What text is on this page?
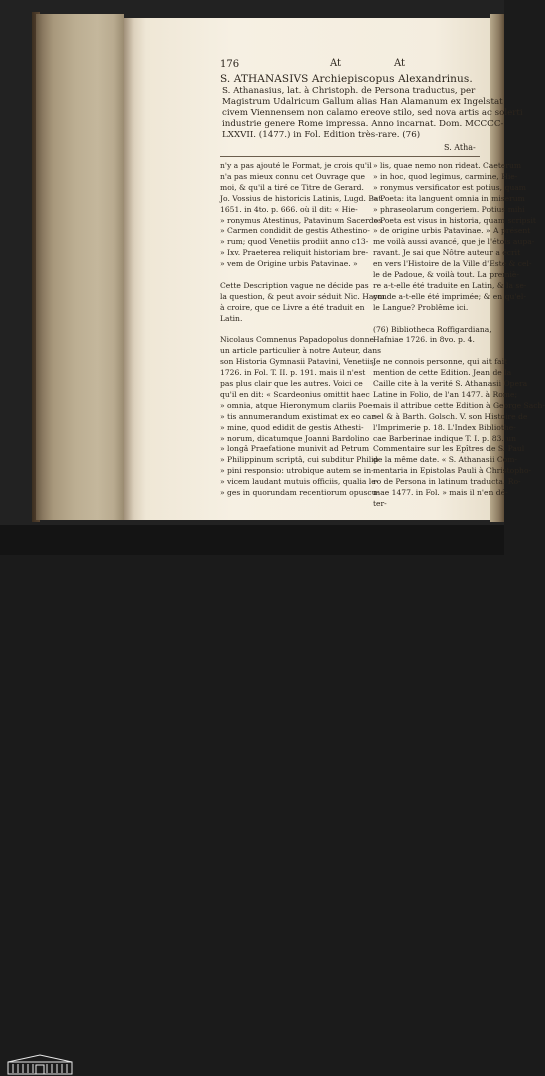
176	At	At
S. ATHANASIVS Archiepiscopus Alexandrinus.
S. Athanasius, lat. à Christoph. de Persona traductus, per
Magistrum Udalricum Gallum alias Han Alamanum ex Ingelstat
civem Viennensem non calamo ereove stilo, sed nova artis ac solerti
industrie genere Rome impressa. Anno incarnat. Dom. MCCCC-
LXXVII. (1477.) in Fol. Edition très-rare. (76)
S. Atha-
n'y a pas ajouté le Format, je crois qu'il
n'a pas mieux connu cet Ouvrage que
moi, & qu'il a tiré ce Titre de Gerard.
Jo. Vossius de historicis Latinis, Lugd. Bat.
1651. in 4to. p. 666. où il dit: « Hie-
» ronymus Atestinus, Patavinum Sacerdos
» Carmen condidit de gestis Athestino-
» rum; quod Venetiis prodiit anno c13-
» Ixv. Praeterea reliquit historiam bre-
» vem de Origine urbis Patavinae. »
Cette Description vague ne décide pas
la question, & peut avoir séduit Nic. Haym
à croire, que ce Livre a été traduit en
Latin.
Nicolaus Comnenus Papadopolus donne
un article particulier à notre Auteur, dans
son Historia Gymnasii Patavini, Venetiis,
1726. in Fol. T. II. p. 191. mais il n'est
pas plus clair que les autres. Voici ce
qu'il en dit: « Scardeonius omittit haec
» omnia, atque Hieronymum clariis Poe-
» tis annumerandum existimat ex eo car-
» mine, quod edidit de gestis Athesti-
» norum, dicatumque Joanni Bardolino
» longâ Praefatione munivit ad Petrum
» Philippinum scriptâ, cui subditur Philip-
» pini responsio: utrobique autem se in-
» vicem laudant mutuis officiis, qualia le-
» ges in quorundam recentiorum opuscu-
» lis, quae nemo non rideat. Caeterum
» in hoc, quod legimus, carmine, Hie-
» ronymus versificator est potius, quam
» Poeta: ita languent omnia in miserum
» phraseolarum congeriem. Potius mihi
» Poeta est visus in historia, quam scripsit
» de origine urbis Patavinae. » A présent
me voilà aussi avancé, que je l'étois aupa-
ravant. Je sai que Nôtre auteur a écrit
en vers l'Histoire de la Ville d'Este & cel-
le de Padoue, & voilà tout. La premiè-
re a-t-elle été traduite en Latin, & la se-
conde a-t-elle été imprimée; & en qu'el-
le Langue? Problême ici.
(76) Bibliotheca Roffigardiana,
Hafniae 1726. in 8vo. p. 4.
Je ne connois personne, qui ait fait
mention de cette Edition. Jean de la
Caille cite à la verité S. Athanasii Opera
Latine in Folio, de l'an 1477. à Rome;
mais il attribue cette Edition à George Sach-
sel & à Barth. Golsch. V. son Histoire de
l'Imprimerie p. 18. L'Index Bibliothe-
cae Barberinae indique T. I. p. 83. un
Commentaire sur les Epîtres de S. Paul
de la même date. « S. Athanasii Com-
mentaria in Epistolas Pauli à Christopho-
ro de Persona in latinum traducta. Ro-
mae 1477. in Fol. » mais il n'en dé-
ter-
